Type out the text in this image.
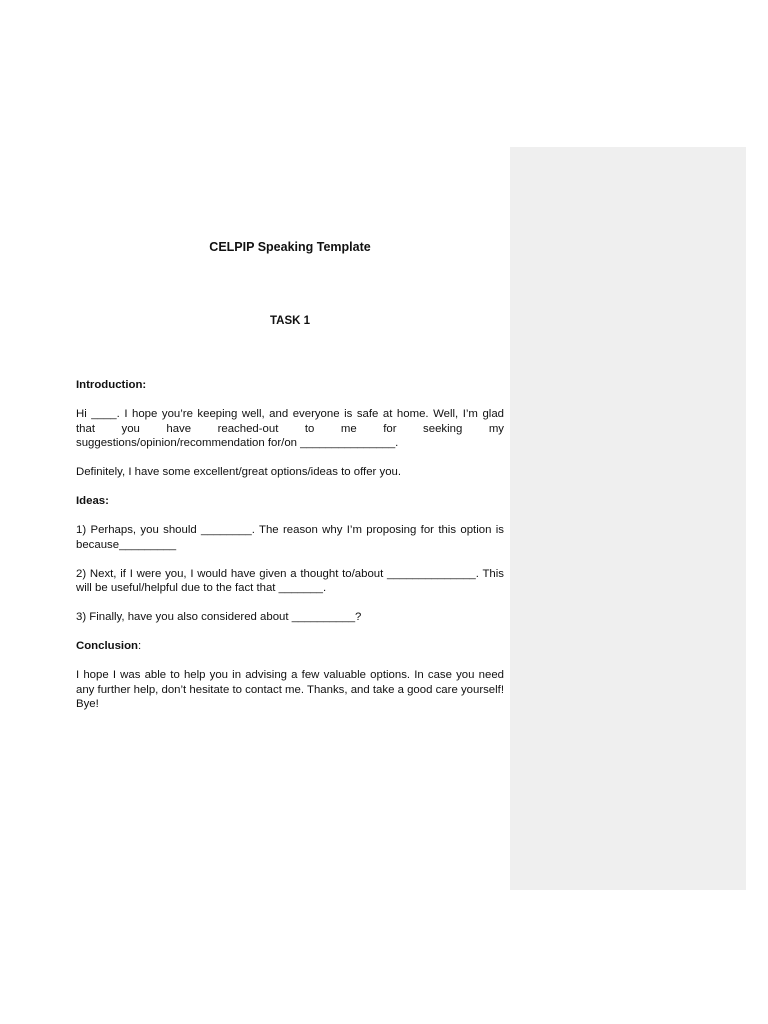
CELPIP Speaking Template
TASK 1

Introduction:

Hi ____. I hope you’re keeping well, and everyone is safe at home. Well, I’m glad that you have reached-out to me for seeking my suggestions/opinion/recommendation for/on _______________.

Definitely, I have some excellent/great options/ideas to offer you.

Ideas:

1) Perhaps, you should ________. The reason why I’m proposing for this option is because_________

2) Next, if I were you, I would have given a thought to/about ______________. This will be useful/helpful due to the fact that _______.

3) Finally, have you also considered about __________?

Conclusion:

I hope I was able to help you in advising a few valuable options. In case you need any further help, don’t hesitate to contact me. Thanks, and take a good care yourself! Bye!
